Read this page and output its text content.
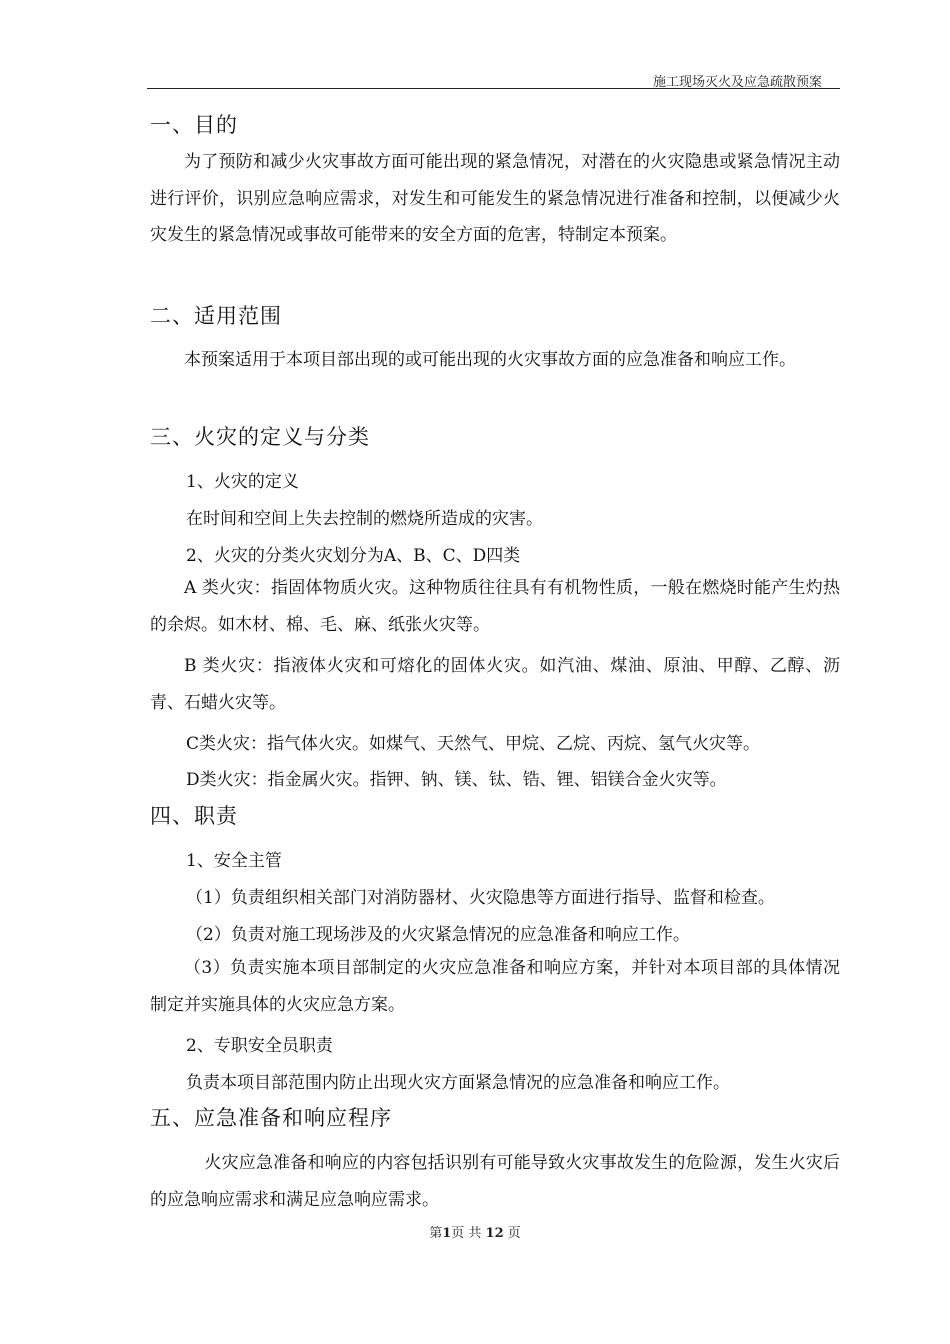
施工现场灭火及应急疏散预案
一、目的
为了预防和减少火灾事故方面可能出现的紧急情况，对潜在的火灾隐患或紧急情况主动进行评价，识别应急响应需求，对发生和可能发生的紧急情况进行准备和控制，以便减少火灾发生的紧急情况或事故可能带来的安全方面的危害，特制定本预案。
二、适用范围
本预案适用于本项目部出现的或可能出现的火灾事故方面的应急准备和响应工作。
三、火灾的定义与分类
1、火灾的定义
在时间和空间上失去控制的燃烧所造成的灾害。
2、火灾的分类火灾划分为A、B、C、D四类
A 类火灾：指固体物质火灾。这种物质往往具有有机物性质，一般在燃烧时能产生灼热的余烬。如木材、棉、毛、麻、纸张火灾等。
B 类火灾：指液体火灾和可熔化的固体火灾。如汽油、煤油、原油、甲醇、乙醇、沥青、石蜡火灾等。
C类火灾：指气体火灾。如煤气、天然气、甲烷、乙烷、丙烷、氢气火灾等。
D类火灾：指金属火灾。指钾、钠、镁、钛、锆、锂、铝镁合金火灾等。
四、职责
1、安全主管
（1）负责组织相关部门对消防器材、火灾隐患等方面进行指导、监督和检查。
（2）负责对施工现场涉及的火灾紧急情况的应急准备和响应工作。
（3）负责实施本项目部制定的火灾应急准备和响应方案，并针对本项目部的具体情况制定并实施具体的火灾应急方案。
2、专职安全员职责
负责本项目部范围内防止出现火灾方面紧急情况的应急准备和响应工作。
五、应急准备和响应程序
火灾应急准备和响应的内容包括识别有可能导致火灾事故发生的危险源，发生火灾后的应急响应需求和满足应急响应需求。
第1页 共 12 页
